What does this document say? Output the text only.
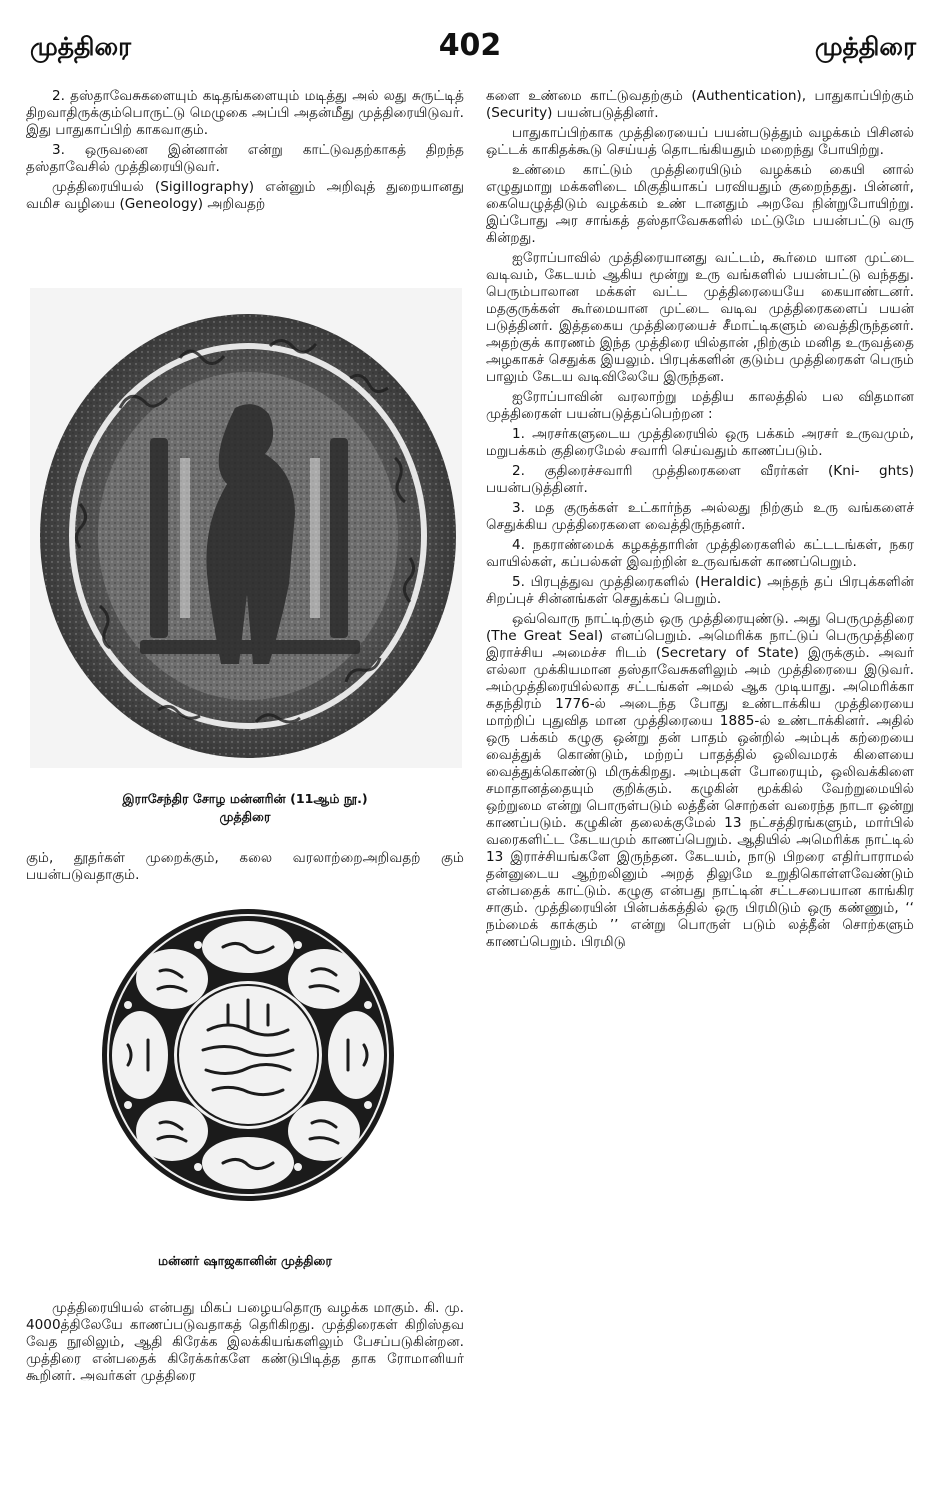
முத்திரை	402	முத்திரை

2. தஸ்தாவேசுகளையும் கடிதங்களையும் மடித்து அல் லது சுருட்டித் திறவாதிருக்கும்பொருட்டு மெழுகை அப்பி அதன்மீது முத்திரையிடுவர். இது பாதுகாப்பிற் காகவாகும்.

3. ஒருவனை இன்னான் என்று காட்டுவதற்காகத் திறந்த தஸ்தாவேசில் முத்திரையிடுவர்.

முத்திரையியல் (Sigillography) என்னும் அறிவுத் துறையானது வமிச வழியை (Geneology) அறிவதற்

இராசேந்திர சோழ மன்னரின் (11ஆம் நூ.)
முத்திரை

கும், தூதர்கள் முறைக்கும், கலை வரலாற்றைஅறிவதற் கும் பயன்படுவதாகும்.

மன்னர் ஷாஜகானின் முத்திரை

முத்திரையியல் என்பது மிகப் பழையதொரு வழக்க மாகும். கி. மு. 4000த்திலேயே காணப்படுவதாகத் தெரிகிறது. முத்திரைகள் கிறிஸ்தவ வேத நூலிலும், ஆதி கிரேக்க இலக்கியங்களிலும் பேசப்படுகின்றன. முத்திரை என்பதைக் கிரேக்கர்களே கண்டுபிடித்த தாக ரோமானியர் கூறினர். அவர்கள் முத்திரை

களை உண்மை காட்டுவதற்கும் (Authentication), பாதுகாப்பிற்கும் (Security) பயன்படுத்தினர்.

பாதுகாப்பிற்காக முத்திரையைப் பயன்படுத்தும் வழக்கம் பிசினல் ஒட்டக் காகிதக்கூடு செய்யத் தொடங்கியதும் மறைந்து போயிற்று.

உண்மை காட்டும் முத்திரையிடும் வழக்கம் கையி னால் எழுதுமாறு மக்களிடை மிகுதியாகப் பரவியதும் குறைந்தது. பின்னர், கையெழுத்திடும் வழக்கம் உண் டானதும் அறவே நின்றுபோயிற்று. இப்போது அர சாங்கத் தஸ்தாவேசுகளில் மட்டுமே பயன்பட்டு வரு கின்றது.

ஐரோப்பாவில் முத்திரையானது வட்டம், கூர்மை யான முட்டை வடிவம், கேடயம் ஆகிய மூன்று உரு வங்களில் பயன்பட்டு வந்தது. பெரும்பாலான மக்கள் வட்ட முத்திரையையே கையாண்டனர். மதகுருக்கள் கூர்மையான முட்டை வடிவ முத்திரைகளைப் பயன் படுத்தினர். இத்தகைய முத்திரையைச் சீமாட்டிகளும் வைத்திருந்தனர். அதற்குக் காரணம் இந்த முத்திரை யில்தான் ,நிற்கும் மனித உருவத்தை அழகாகச் செதுக்க இயலும். பிரபுக்களின் குடும்ப முத்திரைகள் பெரும் பாலும் கேடய வடிவிலேயே இருந்தன.

ஐரோப்பாவின் வரலாற்று மத்திய காலத்தில் பல விதமான முத்திரைகள் பயன்படுத்தப்பெற்றன :

1. அரசர்களுடைய முத்திரையில் ஒரு பக்கம் அரசர் உருவமும், மறுபக்கம் குதிரைமேல் சவாரி செய்வதும் காணப்படும்.

2. குதிரைச்சவாரி முத்திரைகளை வீரர்கள் (Kni- ghts) பயன்படுத்தினர்.

3. மத குருக்கள் உட்கார்ந்த அல்லது நிற்கும் உரு வங்களைச் செதுக்கிய முத்திரைகளை வைத்திருந்தனர்.

4. நகராண்மைக் கழகத்தாரின் முத்திரைகளில் கட்டடங்கள், நகர வாயில்கள், கப்பல்கள் இவற்றின் உருவங்கள் காணப்பெறும்.

5. பிரபுத்துவ முத்திரைகளில் (Heraldic) அந்தந் தப் பிரபுக்களின் சிறப்புச் சின்னங்கள் செதுக்கப் பெறும்.

ஒவ்வொரு நாட்டிற்கும் ஒரு முத்திரையுண்டு. அது பெருமுத்திரை (The Great Seal) எனப்பெறும். அமெரிக்க நாட்டுப் பெருமுத்திரை இராச்சிய அமைச்ச ரிடம் (Secretary of State) இருக்கும். அவர் எல்லா முக்கியமான தஸ்தாவேசுகளிலும் அம் முத்திரையை இடுவர். அம்முத்திரையில்லாத சட்டங்கள் அமல் ஆக முடியாது. அமெரிக்கா சுதந்திரம் 1776-ல் அடைந்த போது உண்டாக்கிய முத்திரையை மாற்றிப் புதுவித மான முத்திரையை 1885-ல் உண்டாக்கினர். அதில் ஒரு பக்கம் கழுகு ஒன்று தன் பாதம் ஒன்றில் அம்புக் கற்றையை வைத்துக் கொண்டும், மற்றப் பாதத்தில் ஒலிவமரக் கிளையை வைத்துக்கொண்டு மிருக்கிறது. அம்புகள் போரையும், ஒலிவக்கிளை சமாதானத்தையும் குறிக்கும். கழுகின் மூக்கில் வேற்றுமையில் ஒற்றுமை என்று பொருள்படும் லத்தீன் சொற்கள் வரைந்த நாடா ஒன்று காணப்படும். கழுகின் தலைக்குமேல் 13 நட்சத்திரங்களும், மார்பில் வரைகளிட்ட கேடயமும் காணப்பெறும். ஆதியில் அமெரிக்க நாட்டில் 13 இராச்சியங்களே இருந்தன. கேடயம், நாடு பிறரை எதிர்பாராமல் தன்னுடைய ஆற்றலினும் அறத் திலுமே உறுதிகொள்ளவேண்டும் என்பதைக் காட்டும். கழுகு என்பது நாட்டின் சட்டசபையான காங்கிர சாகும். முத்திரையின் பின்பக்கத்தில் ஒரு பிரமிடும் ஒரு கண்ணும், ‘‘ நம்மைக் காக்கும் ’’ என்று பொருள் படும் லத்தீன் சொற்களும் காணப்பெறும். பிரமிடு
